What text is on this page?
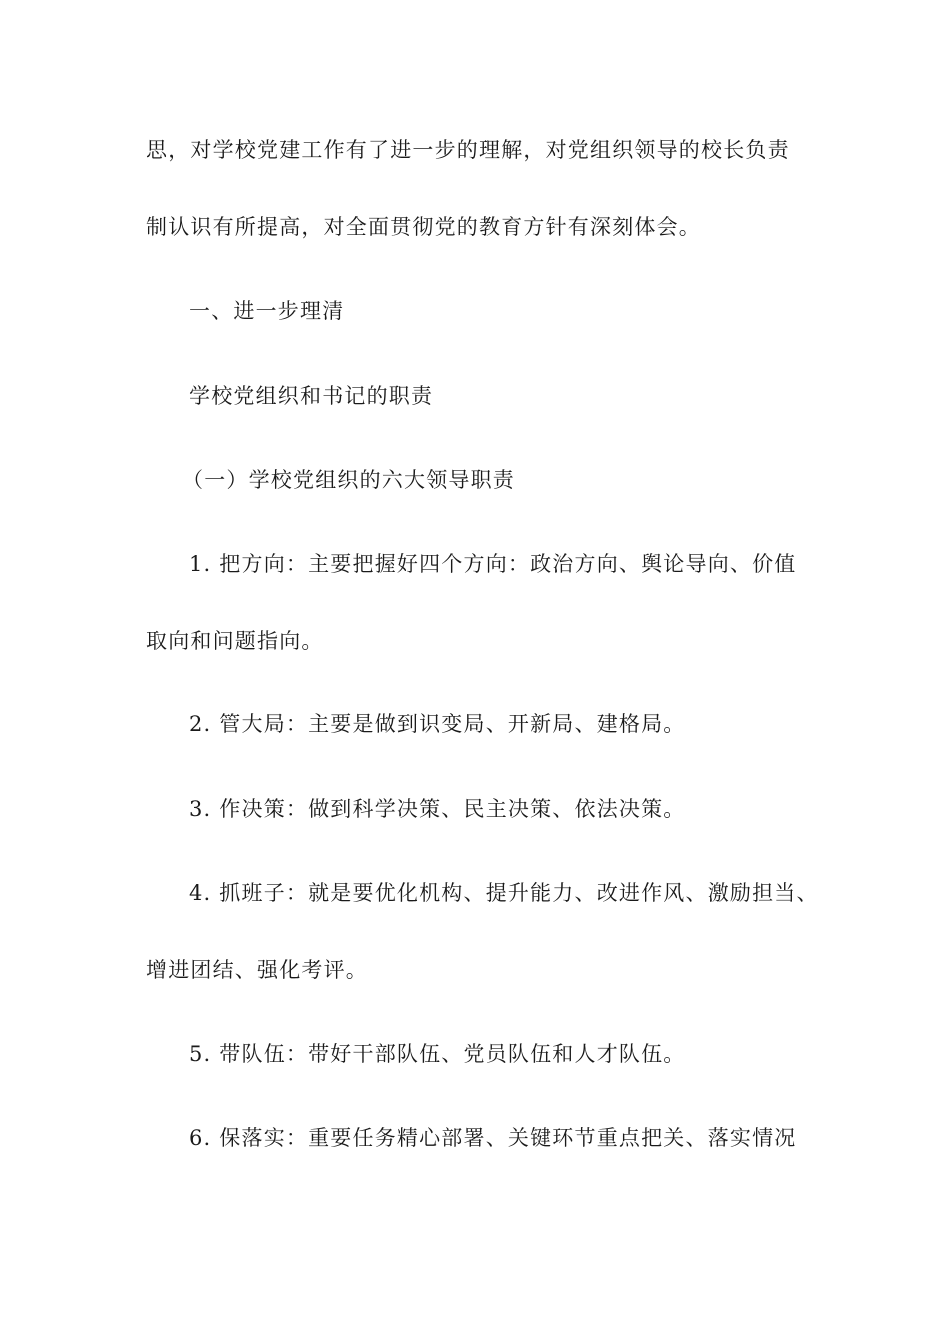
思，对学校党建工作有了进一步的理解，对党组织领导的校长负责
制认识有所提高，对全面贯彻党的教育方针有深刻体会。
一、进一步理清
学校党组织和书记的职责
（一）学校党组织的六大领导职责
1. 把方向：主要把握好四个方向：政治方向、舆论导向、价值
取向和问题指向。
2. 管大局：主要是做到识变局、开新局、建格局。
3. 作决策：做到科学决策、民主决策、依法决策。
4. 抓班子：就是要优化机构、提升能力、改进作风、激励担当、
增进团结、强化考评。
5. 带队伍：带好干部队伍、党员队伍和人才队伍。
6. 保落实：重要任务精心部署、关键环节重点把关、落实情况
